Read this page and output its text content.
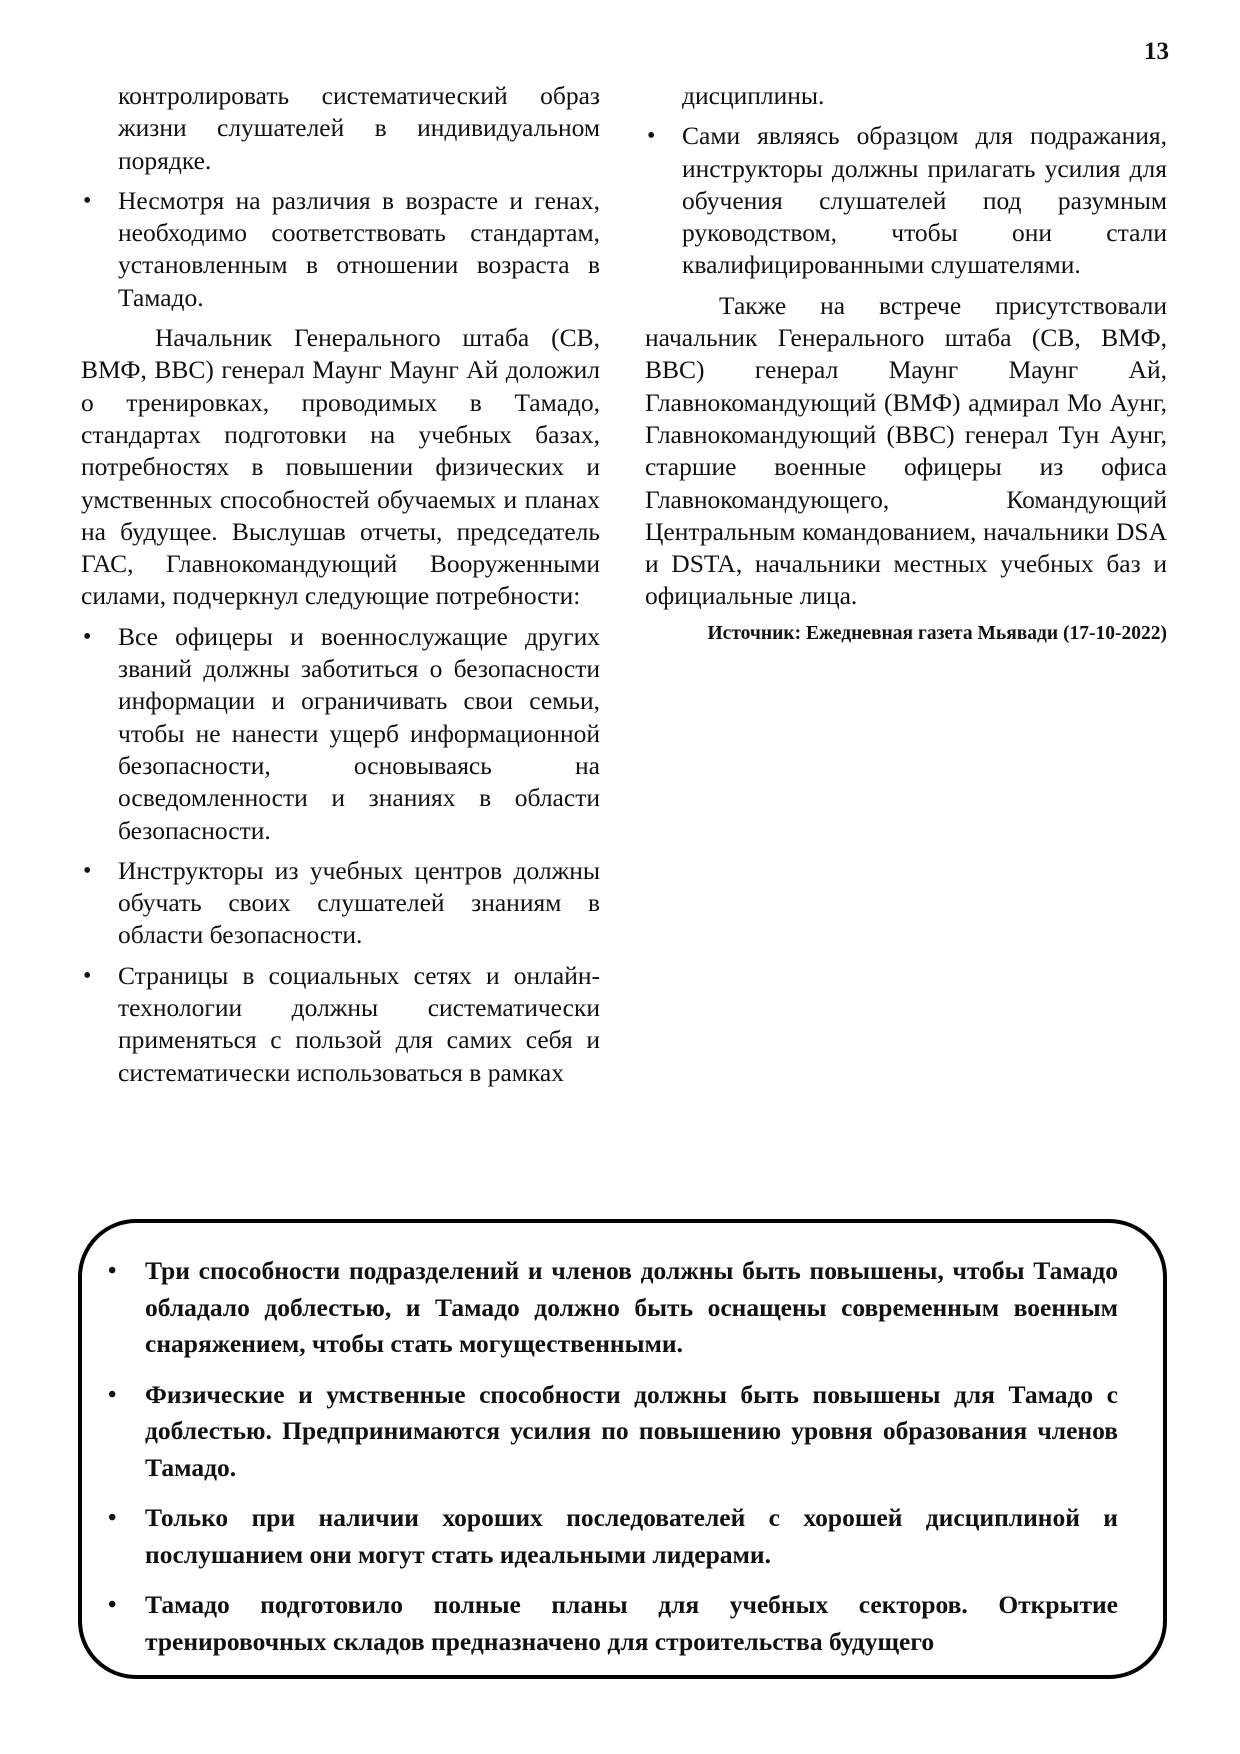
13

контролировать систематический образ жизни слушателей в индивидуальном порядке.

• Несмотря на различия в возрасте и генах, необходимо соответствовать стандартам, установленным в отношении возраста в Тамадо.

Начальник Генерального штаба (СВ, ВМФ, ВВС) генерал Маунг Маунг Ай доложил о тренировках, проводимых в Тамадо, стандартах подготовки на учебных базах, потребностях в повышении физических и умственных способностей обучаемых и планах на будущее. Выслушав отчеты, председатель ГАС, Главнокомандующий Вооруженными силами, подчеркнул следующие потребности:

• Все офицеры и военнослужащие других званий должны заботиться о безопасности информации и ограничивать свои семьи, чтобы не нанести ущерб информационной безопасности, основываясь на осведомленности и знаниях в области безопасности.
• Инструкторы из учебных центров должны обучать своих слушателей знаниям в области безопасности.
• Страницы в социальных сетях и онлайн-технологии должны систематически применяться с пользой для самих себя и систематически использоваться в рамках

дисциплины.

• Сами являясь образцом для подражания, инструкторы должны прилагать усилия для обучения слушателей под разумным руководством, чтобы они стали квалифицированными слушателями.

Также на встрече присутствовали начальник Генерального штаба (СВ, ВМФ, ВВС) генерал Маунг Маунг Ай, Главнокомандующий (ВМФ) адмирал Мо Аунг, Главнокомандующий (ВВС) генерал Тун Аунг, старшие военные офицеры из офиса Главнокомандующего, Командующий Центральным командованием, начальники DSA и DSTA, начальники местных учебных баз и официальные лица.

Источник: Ежедневная газета Мьявади (17-10-2022)

• Три способности подразделений и членов должны быть повышены, чтобы Тамадо обладало доблестью, и Тамадо должно быть оснащены современным военным снаряжением, чтобы стать могущественными.
• Физические и умственные способности должны быть повышены для Тамадо с доблестью. Предпринимаются усилия по повышению уровня образования членов Тамадо.
• Только при наличии хороших последователей с хорошей дисциплиной и послушанием они могут стать идеальными лидерами.
• Тамадо подготовило полные планы для учебных секторов. Открытие тренировочных складов предназначено для строительства будущего
